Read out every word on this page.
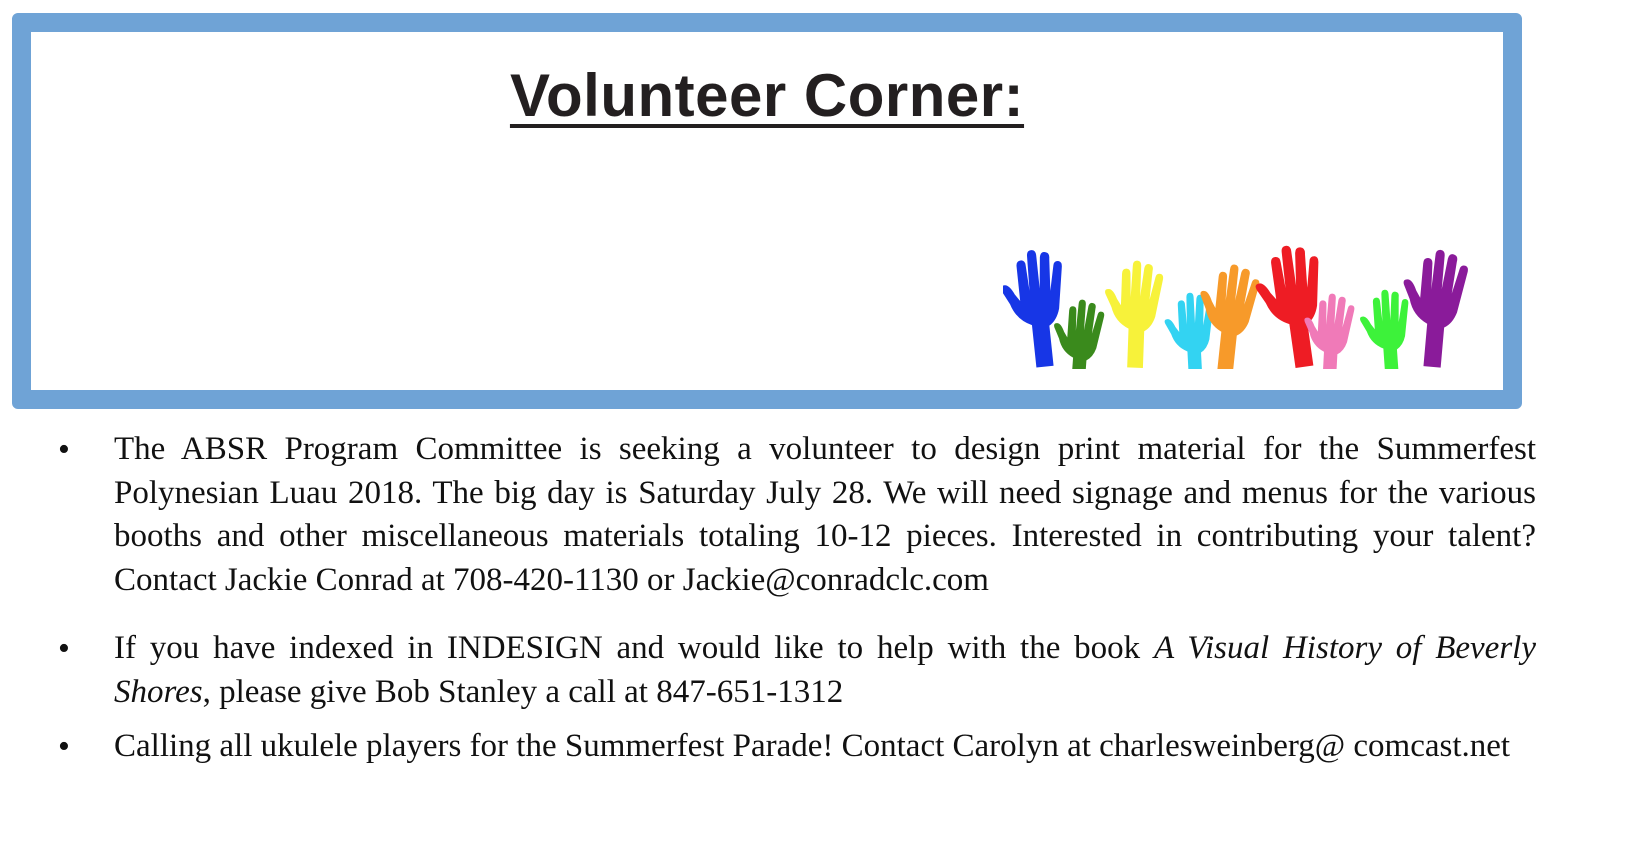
Volunteer Corner:
• The ABSR Program Committee is seeking a volunteer to design print material for the Summerfest Polynesian Luau 2018. The big day is Saturday July 28. We will need signage and menus for the various booths and other miscellaneous materials totaling 10-12 pieces. Interested in contributing your talent? Contact Jackie Conrad at 708-420-1130 or Jackie@conradclc.com

• If you have indexed in INDESIGN and would like to help with the book A Visual History of Beverly Shores, please give Bob Stanley a call at 847-651-1312

• Calling all ukulele players for the Summerfest Parade! Contact Carolyn at charlesweinberg@ comcast.net
